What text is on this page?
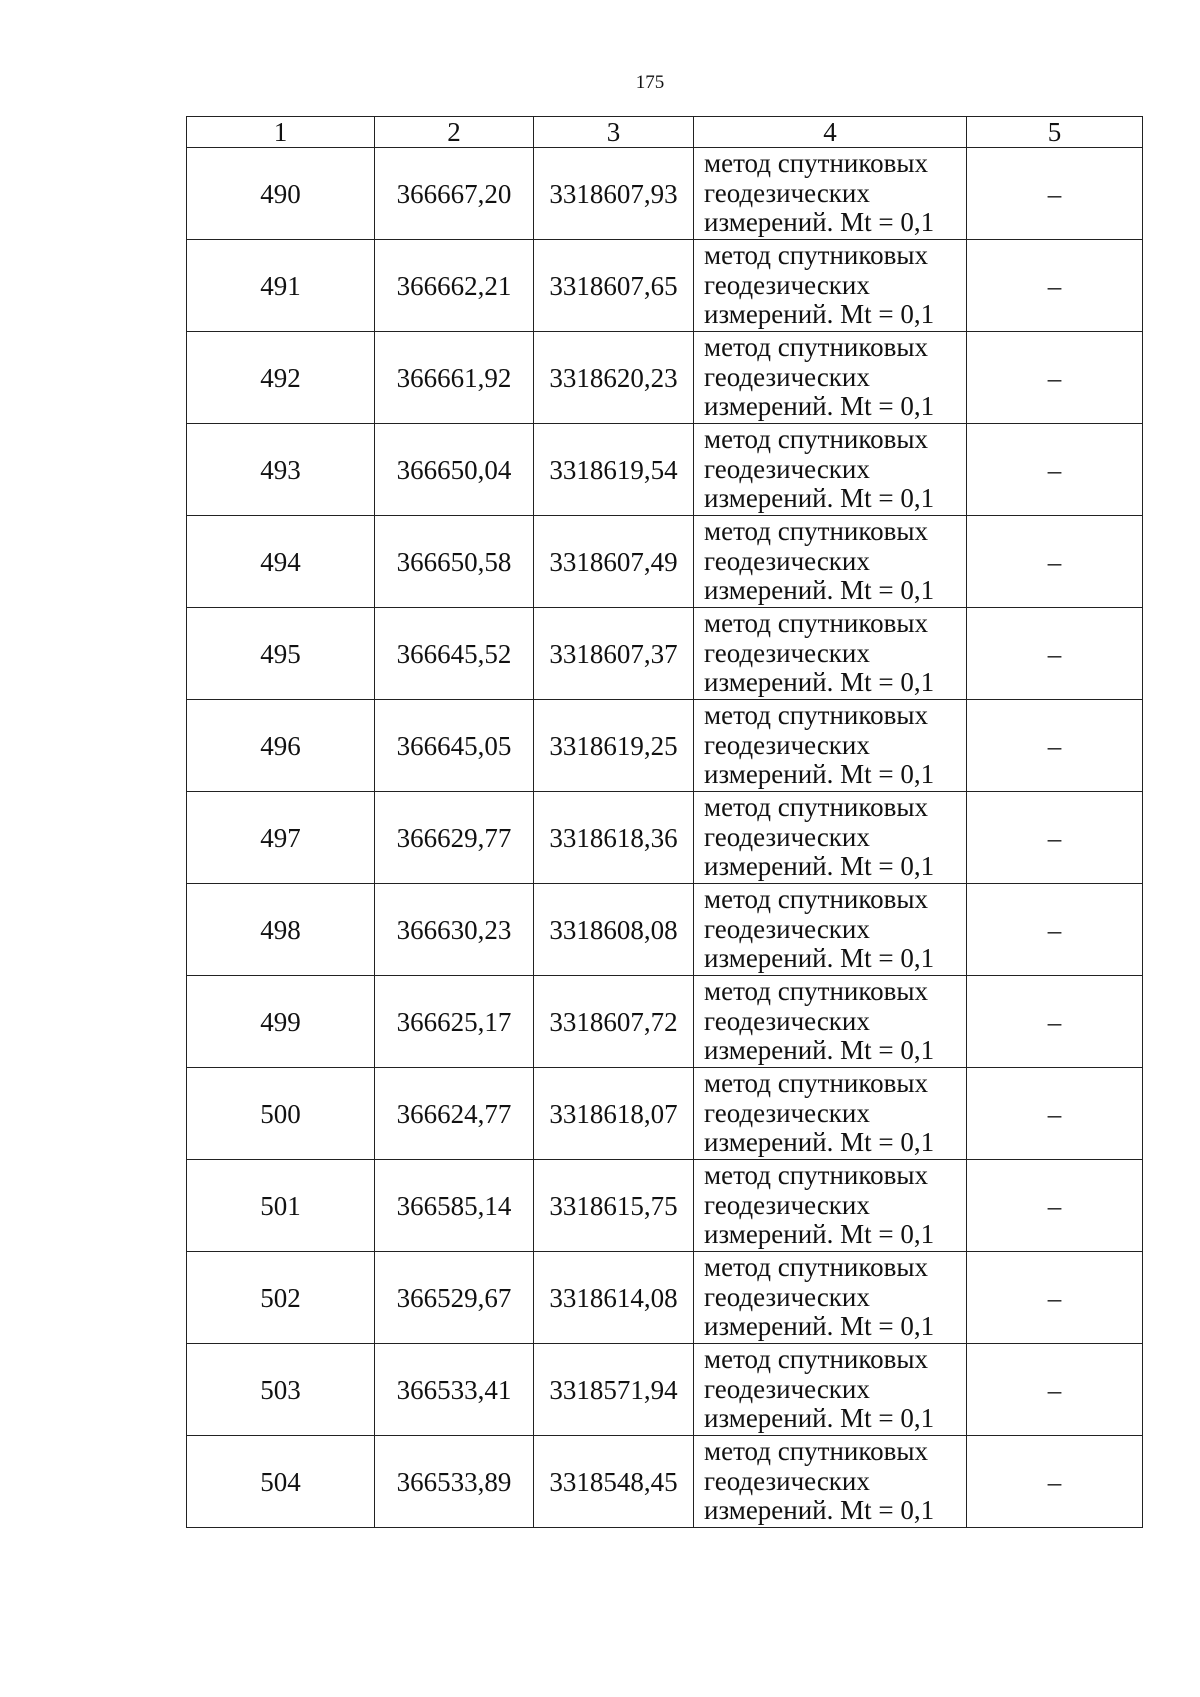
175
1	2	3	4	5
490	366667,20	3318607,93	метод спутниковых
геодезических
измерений. Mt = 0,1	–
491	366662,21	3318607,65	метод спутниковых
геодезических
измерений. Mt = 0,1	–
492	366661,92	3318620,23	метод спутниковых
геодезических
измерений. Mt = 0,1	–
493	366650,04	3318619,54	метод спутниковых
геодезических
измерений. Mt = 0,1	–
494	366650,58	3318607,49	метод спутниковых
геодезических
измерений. Mt = 0,1	–
495	366645,52	3318607,37	метод спутниковых
геодезических
измерений. Mt = 0,1	–
496	366645,05	3318619,25	метод спутниковых
геодезических
измерений. Mt = 0,1	–
497	366629,77	3318618,36	метод спутниковых
геодезических
измерений. Mt = 0,1	–
498	366630,23	3318608,08	метод спутниковых
геодезических
измерений. Mt = 0,1	–
499	366625,17	3318607,72	метод спутниковых
геодезических
измерений. Mt = 0,1	–
500	366624,77	3318618,07	метод спутниковых
геодезических
измерений. Mt = 0,1	–
501	366585,14	3318615,75	метод спутниковых
геодезических
измерений. Mt = 0,1	–
502	366529,67	3318614,08	метод спутниковых
геодезических
измерений. Mt = 0,1	–
503	366533,41	3318571,94	метод спутниковых
геодезических
измерений. Mt = 0,1	–
504	366533,89	3318548,45	метод спутниковых
геодезических
измерений. Mt = 0,1	–
